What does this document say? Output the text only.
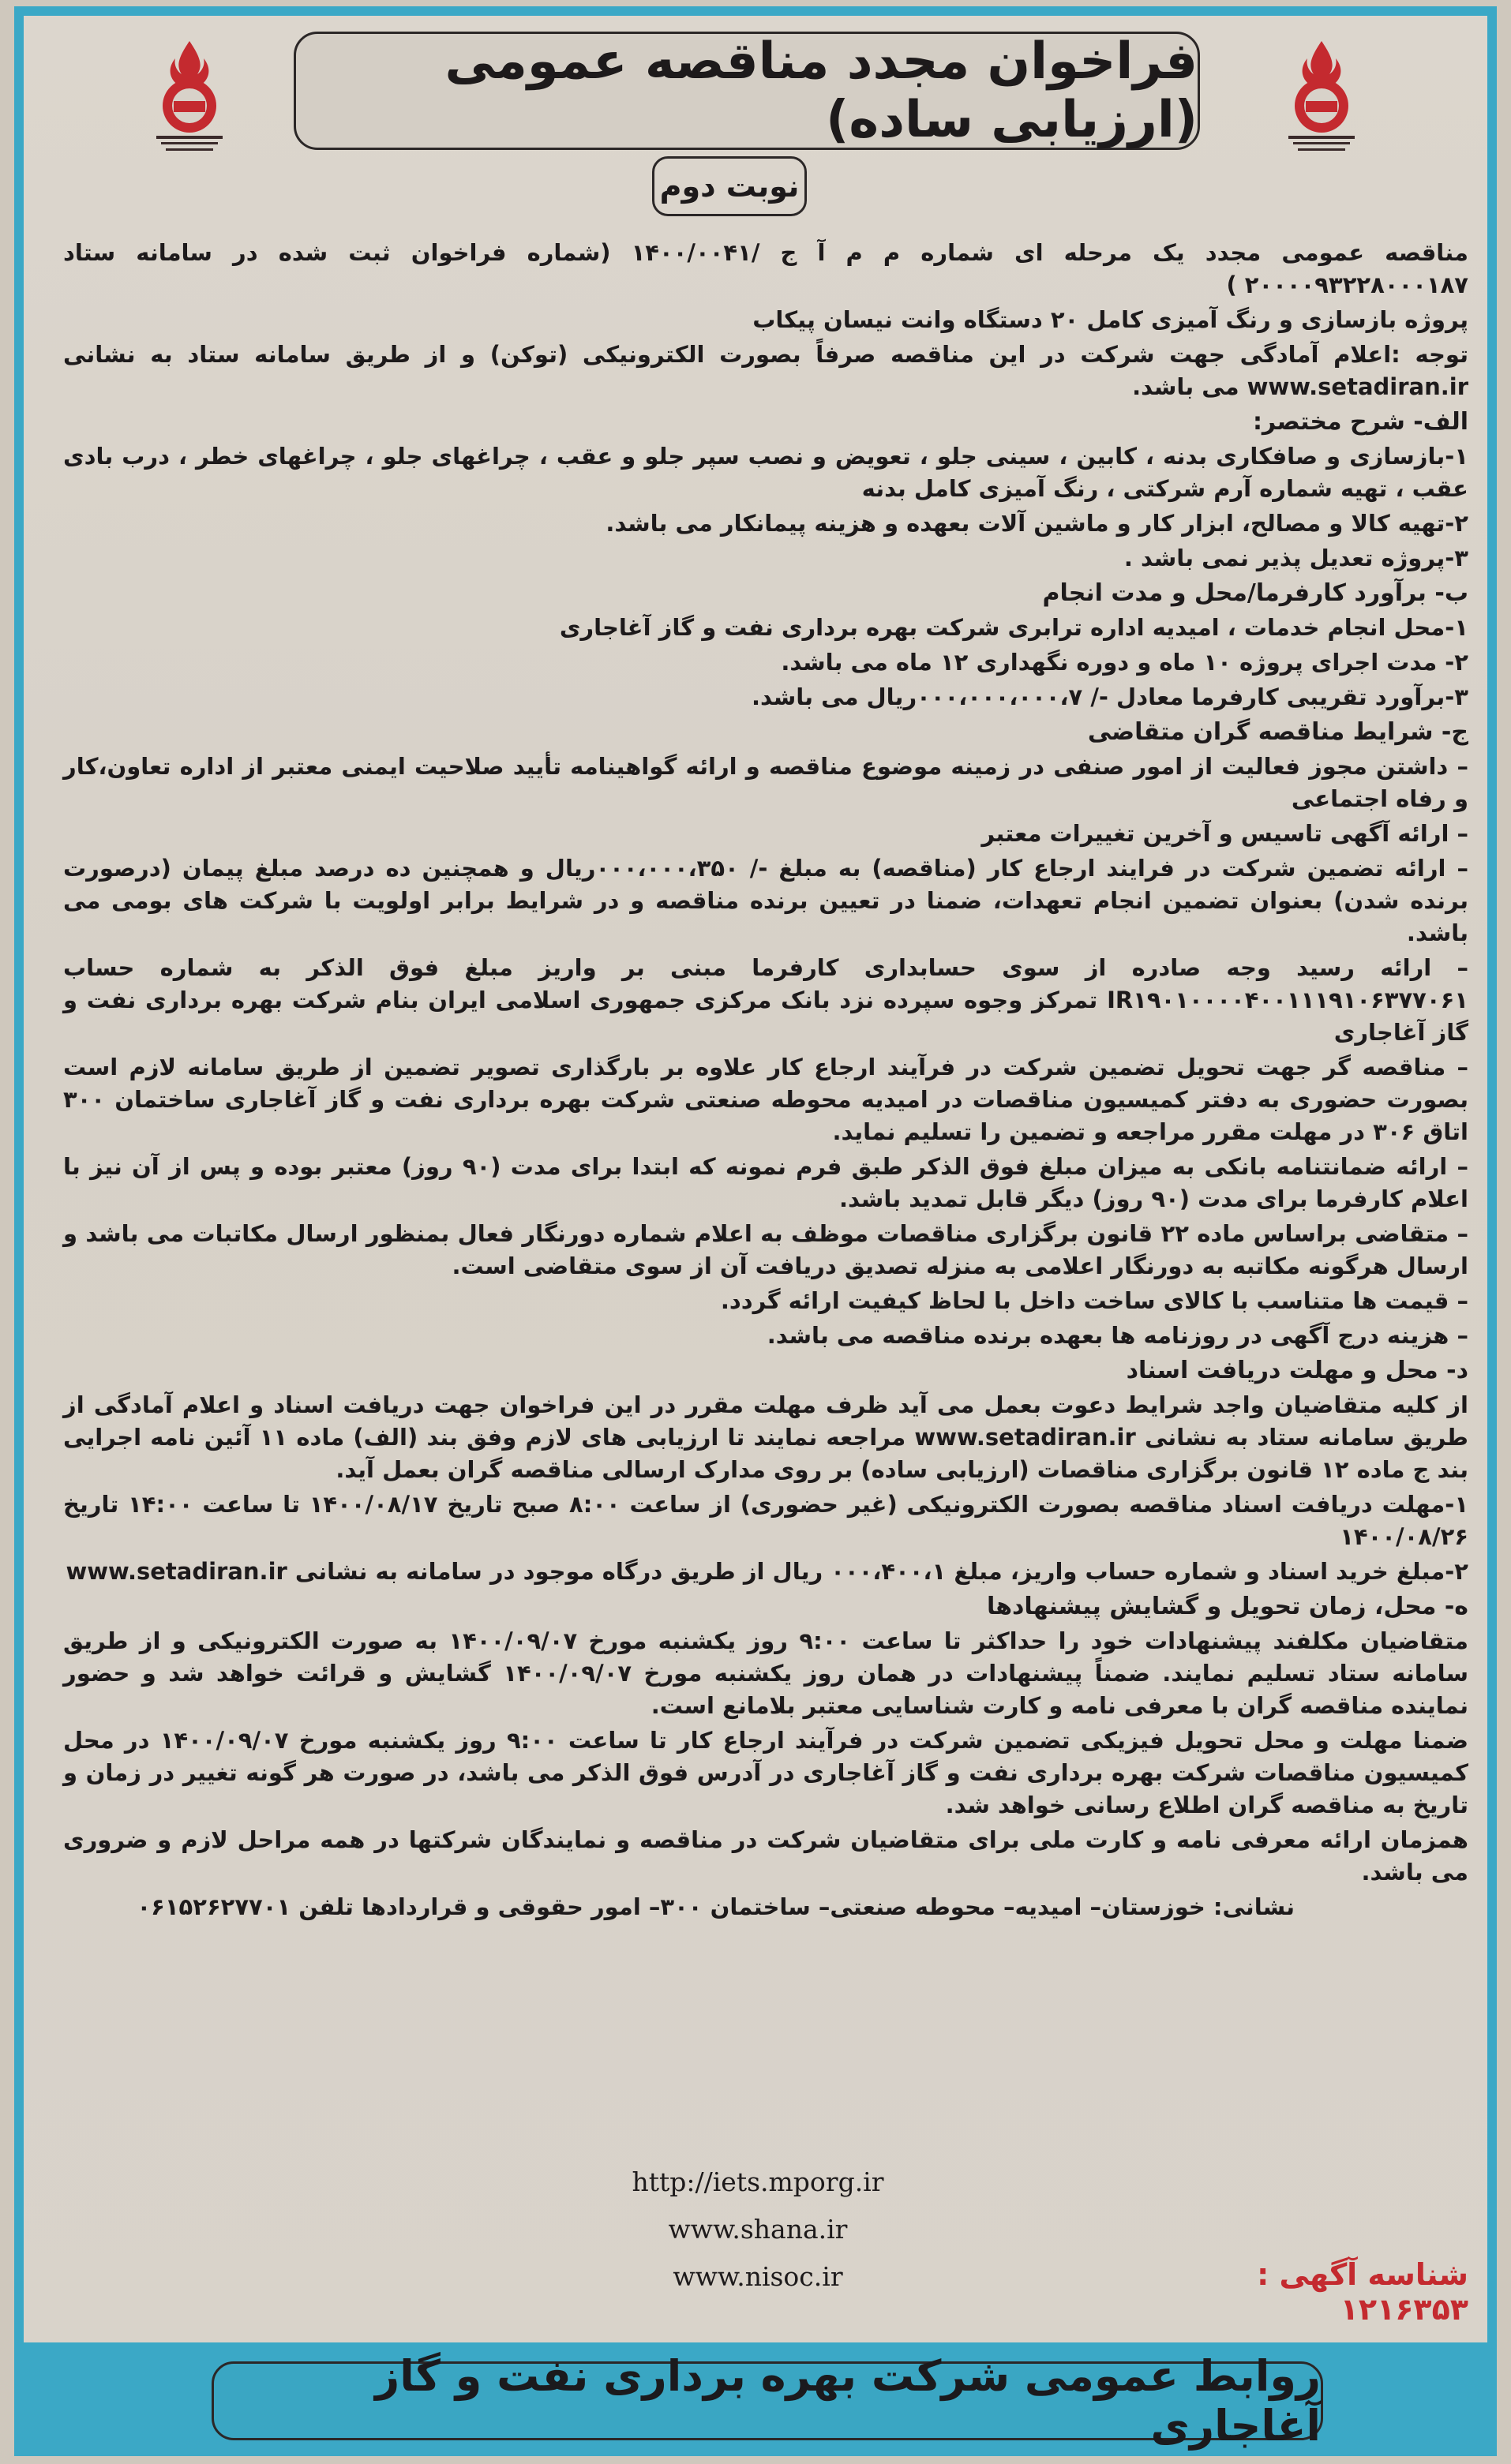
فراخوان مجدد مناقصه عمومی (ارزیابی ساده)
نوبت دوم

مناقصه عمومی مجدد یک مرحله ای شماره م م آ ج /۱۴۰۰/۰۰۴۱ (شماره فراخوان ثبت شده در سامانه ستاد ۲۰۰۰۰۹۳۲۲۸۰۰۰۱۸۷ )

پروژه بازسازی و رنگ آمیزی کامل ۲۰ دستگاه وانت نیسان پیکاب

توجه :اعلام آمادگی جهت شرکت در این مناقصه صرفاً بصورت الکترونیکی (توکن) و از طریق سامانه ستاد به نشانی www.setadiran.ir می باشد.

الف- شرح مختصر:

۱-بازسازی و صافکاری بدنه ، کابین ، سینی جلو ، تعویض و نصب سپر جلو و عقب ، چراغهای جلو ، چراغهای خطر ، درب بادی عقب ، تهیه شماره آرم شرکتی ، رنگ آمیزی کامل بدنه

۲-تهیه کالا و مصالح، ابزار کار و ماشین آلات بعهده و هزینه پیمانکار می باشد.

۳-پروژه تعدیل پذیر نمی باشد .

ب- برآورد کارفرما/محل و مدت انجام

۱-محل انجام خدمات ، امیدیه اداره ترابری شرکت بهره برداری نفت و گاز آغاجاری

۲- مدت اجرای پروژه ۱۰ ماه و دوره نگهداری ۱۲ ماه می باشد.

۳-برآورد تقریبی کارفرما معادل -/ ۰۰۰،۰۰۰،۰۰۰،۷ریال می باشد.

ج- شرایط مناقصه گران متقاضی

– داشتن مجوز فعالیت از امور صنفی در زمینه موضوع مناقصه و ارائه گواهینامه تأیید صلاحیت ایمنی معتبر از اداره تعاون،کار و رفاه اجتماعی

– ارائه آگهی تاسیس و آخرین تغییرات معتبر

– ارائه تضمین شرکت در فرایند ارجاع کار (مناقصه) به مبلغ -/ ۰۰۰،۰۰۰،۳۵۰ریال و همچنین ده درصد مبلغ پیمان (درصورت برنده شدن) بعنوان تضمین انجام تعهدات، ضمنا در تعیین برنده مناقصه و در شرایط برابر اولویت با شرکت های بومی می باشد.

– ارائه رسید وجه صادره از سوی حسابداری کارفرما مبنی بر واریز مبلغ فوق الذکر به شماره حساب IR۱۹۰۱۰۰۰۰۴۰۰۱۱۱۹۱۰۶۳۷۷۰۶۱ تمرکز وجوه سپرده نزد بانک مرکزی جمهوری اسلامی ایران بنام شرکت بهره برداری نفت و گاز آغاجاری

– مناقصه گر جهت تحویل تضمین شرکت در فرآیند ارجاع کار علاوه بر بارگذاری تصویر تضمین از طریق سامانه لازم است بصورت حضوری به دفتر کمیسیون مناقصات در امیدیه محوطه صنعتی شرکت بهره برداری نفت و گاز آغاجاری ساختمان ۳۰۰ اتاق ۳۰۶ در مهلت مقرر مراجعه و تضمین را تسلیم نماید.

– ارائه ضمانتنامه بانکی به میزان مبلغ فوق الذکر طبق فرم نمونه که ابتدا برای مدت (۹۰ روز) معتبر بوده و پس از آن نیز با اعلام کارفرما برای مدت (۹۰ روز) دیگر قابل تمدید باشد.

– متقاضی براساس ماده ۲۲ قانون برگزاری مناقصات موظف به اعلام شماره دورنگار فعال بمنظور ارسال مکاتبات می باشد و ارسال هرگونه مکاتبه به دورنگار اعلامی به منزله تصدیق دریافت آن از سوی متقاضی است.

– قیمت ها متناسب با کالای ساخت داخل با لحاظ کیفیت ارائه گردد.

– هزینه درج آگهی در روزنامه ها بعهده برنده مناقصه می باشد.

د- محل و مهلت دریافت اسناد

از کلیه متقاضیان واجد شرایط دعوت بعمل می آید ظرف مهلت مقرر در این فراخوان جهت دریافت اسناد و اعلام آمادگی از طریق سامانه ستاد به نشانی www.setadiran.ir مراجعه نمایند تا ارزیابی های لازم وفق بند (الف) ماده ۱۱ آئین نامه اجرایی بند ج ماده ۱۲ قانون برگزاری مناقصات (ارزیابی ساده) بر روی مدارک ارسالی مناقصه گران بعمل آید.

۱-مهلت دریافت اسناد مناقصه بصورت الکترونیکی (غیر حضوری) از ساعت ۸:۰۰ صبح تاریخ ۱۴۰۰/۰۸/۱۷ تا ساعت ۱۴:۰۰ تاریخ ۱۴۰۰/۰۸/۲۶

۲-مبلغ خرید اسناد و شماره حساب واریز، مبلغ ۰۰۰،۴۰۰،۱ ریال از طریق درگاه موجود در سامانه به نشانی www.setadiran.ir

ه- محل، زمان تحویل و گشایش پیشنهادها

متقاضیان مکلفند پیشنهادات خود را حداکثر تا ساعت ۹:۰۰ روز یکشنبه مورخ ۱۴۰۰/۰۹/۰۷ به صورت الکترونیکی و از طریق سامانه ستاد تسلیم نمایند. ضمناً پیشنهادات در همان روز یکشنبه مورخ ۱۴۰۰/۰۹/۰۷ گشایش و قرائت خواهد شد و حضور نماینده مناقصه گران با معرفی نامه و کارت شناسایی معتبر بلامانع است.

ضمنا مهلت و محل تحویل فیزیکی تضمین شرکت در فرآیند ارجاع کار تا ساعت ۹:۰۰ روز یکشنبه مورخ ۱۴۰۰/۰۹/۰۷ در محل کمیسیون مناقصات شرکت بهره برداری نفت و گاز آغاجاری در آدرس فوق الذکر می باشد، در صورت هر گونه تغییر در زمان و تاریخ به مناقصه گران اطلاع رسانی خواهد شد.

همزمان ارائه معرفی نامه و کارت ملی برای متقاضیان شرکت در مناقصه و نمایندگان شرکتها در همه مراحل لازم و ضروری می باشد.

نشانی: خوزستان– امیدیه– محوطه صنعتی– ساختمان ۳۰۰– امور حقوقی و قراردادها تلفن ۰۶۱۵۲۶۲۷۷۰۱

http://iets.mporg.ir
www.shana.ir
www.nisoc.ir	شناسه آگهی : ۱۲۱۶۳۵۳
روابط عمومی شرکت بهره برداری نفت و گاز آغاجاری
